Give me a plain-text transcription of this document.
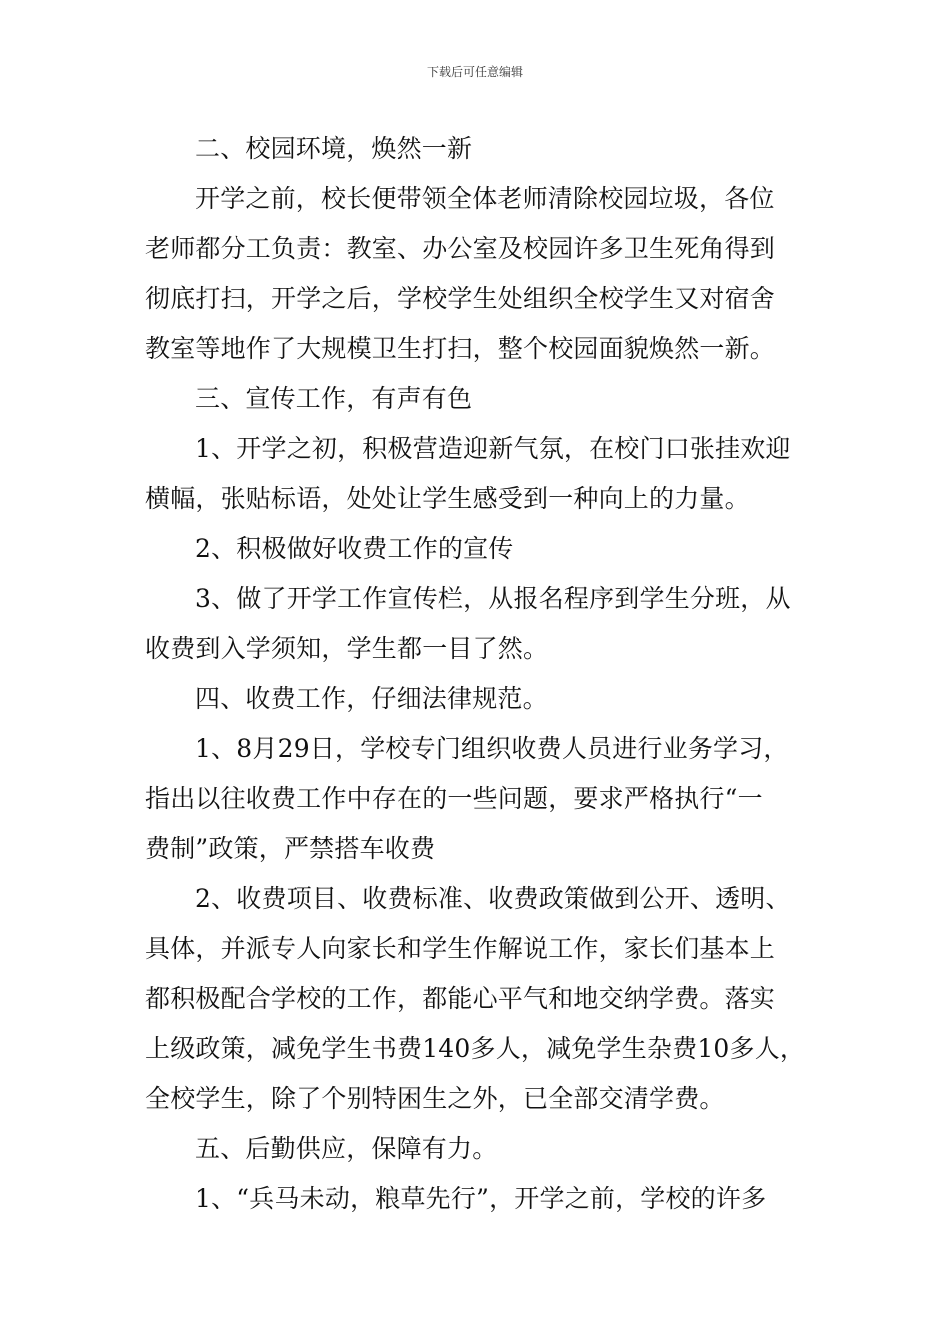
下载后可任意编辑
二、校园环境，焕然一新
开学之前，校长便带领全体老师清除校园垃圾，各位
老师都分工负责：教室、办公室及校园许多卫生死角得到
彻底打扫，开学之后，学校学生处组织全校学生又对宿舍
教室等地作了大规模卫生打扫，整个校园面貌焕然一新。
三、宣传工作，有声有色
1、开学之初，积极营造迎新气氛，在校门口张挂欢迎
横幅，张贴标语，处处让学生感受到一种向上的力量。
2、积极做好收费工作的宣传
3、做了开学工作宣传栏，从报名程序到学生分班，从
收费到入学须知，学生都一目了然。
四、收费工作，仔细法律规范。
1、8月29日，学校专门组织收费人员进行业务学习，
指出以往收费工作中存在的一些问题，要求严格执行“一
费制”政策，严禁搭车收费
2、收费项目、收费标准、收费政策做到公开、透明、
具体，并派专人向家长和学生作解说工作，家长们基本上
都积极配合学校的工作，都能心平气和地交纳学费。落实
上级政策，减免学生书费140多人，减免学生杂费10多人，
全校学生，除了个别特困生之外，已全部交清学费。
五、后勤供应，保障有力。
1、“兵马未动，粮草先行”，开学之前，学校的许多
